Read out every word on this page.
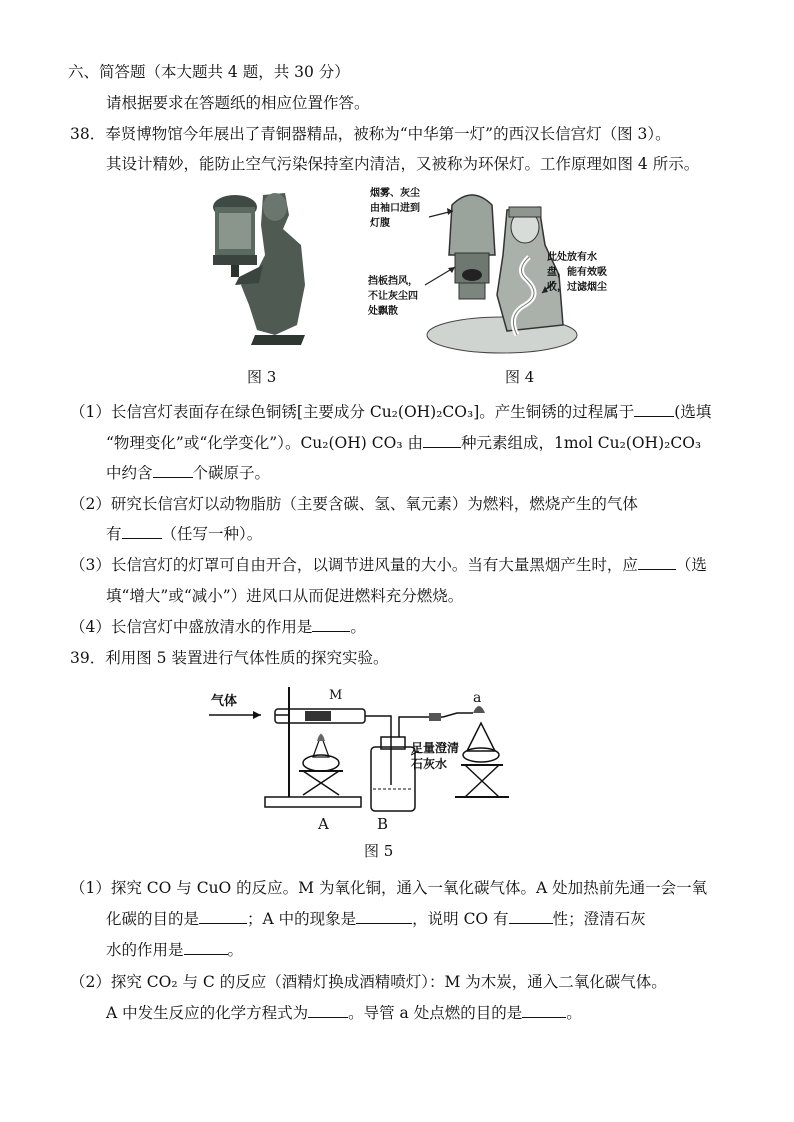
六、简答题（本大题共 4 题，共 30 分）
请根据要求在答题纸的相应位置作答。
38．奉贤博物馆今年展出了青铜器精品，被称为“中华第一灯”的西汉长信宫灯（图 3）。
其设计精妙，能防止空气污染保持室内清洁，又被称为环保灯。工作原理如图 4 所示。
图 3
烟雾、灰尘
由袖口进到
灯腹
挡板挡风，
不让灰尘四
处飘散
此处放有水
盘，能有效吸
收，过滤烟尘
图 4
（1）长信宫灯表面存在绿色铜锈[主要成分 Cu₂(OH)₂CO₃]。产生铜锈的过程属于	(选填
“物理变化”或“化学变化”）。Cu₂(OH) CO₃ 由 种元素组成，1mol Cu₂(OH)₂CO₃
中约含	个碳原子。
（2）研究长信宫灯以动物脂肪（主要含碳、氢、氧元素）为燃料，燃烧产生的气体
有	（任写一种）。
（3）长信宫灯的灯罩可自由开合，以调节进风量的大小。当有大量黑烟产生时，应 （选
填“增大”或“减小”）进风口从而促进燃料充分燃烧。
（4）长信宫灯中盛放清水的作用是 。
39．利用图 5 装置进行气体性质的探究实验。
气体	M	a
足量澄清
石灰水
A	B
图 5
（1）探究 CO 与 CuO 的反应。M 为氧化铜，通入一氧化碳气体。A 处加热前先通一会一氧
化碳的目的是	；A 中的现象是	，说明 CO 有	性；澄清石灰
水的作用是	。
（2）探究 CO₂ 与 C 的反应（酒精灯换成酒精喷灯）：M 为木炭，通入二氧化碳气体。
A 中发生反应的化学方程式为	。导管 a 处点燃的目的是	。
